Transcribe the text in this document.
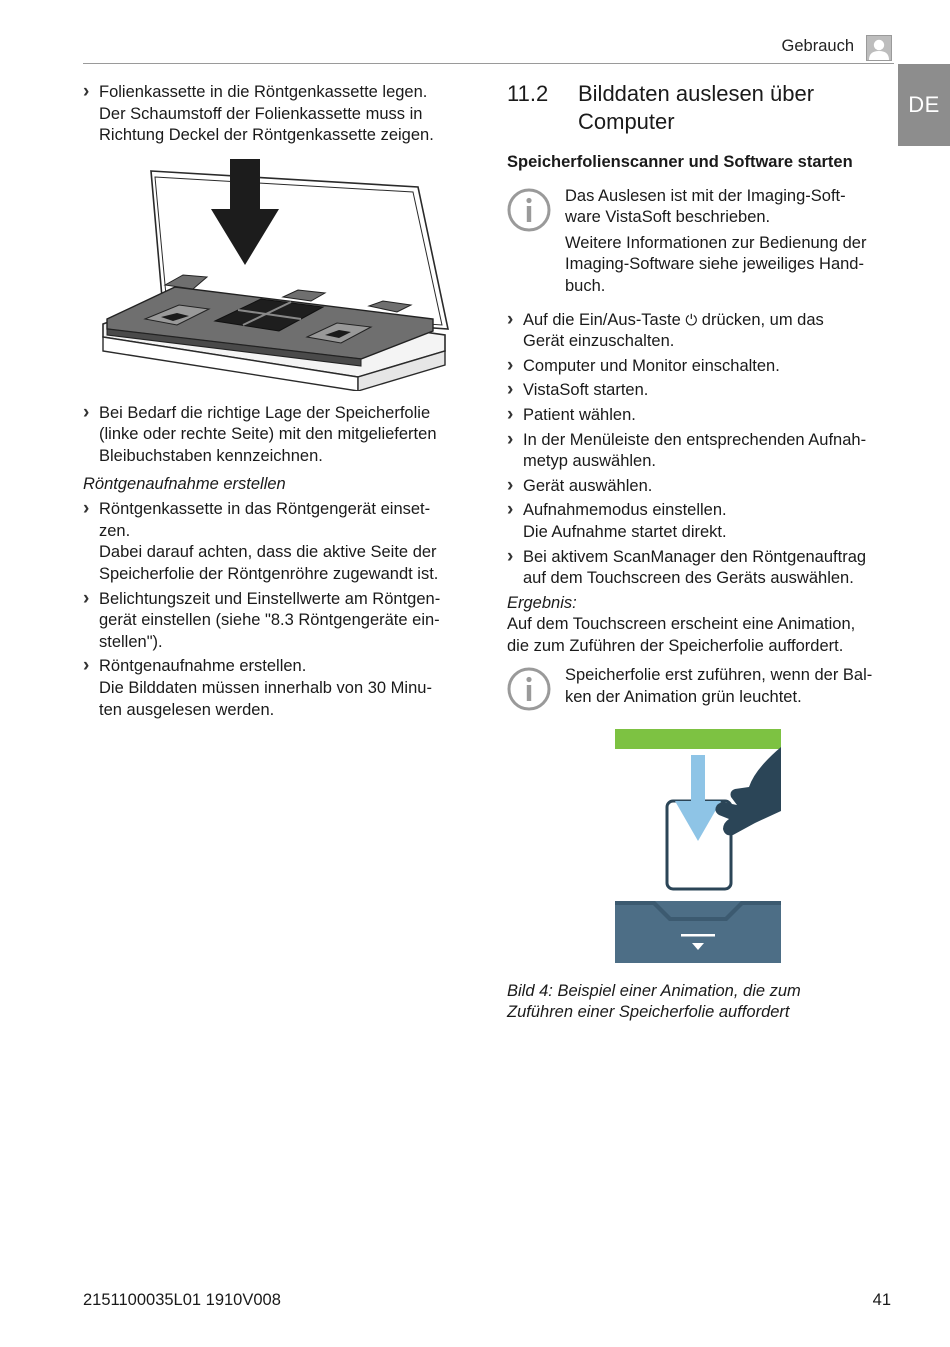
Gebrauch
DE
› Folienkassette in die Röntgenkassette legen.
Der Schaumstoff der Folienkassette muss in
Richtung Deckel der Röntgenkassette zeigen.
› Bei Bedarf die richtige Lage der Speicherfolie
(linke oder rechte Seite) mit den mitgelieferten
Bleibuchstaben kennzeichnen.
Röntgenaufnahme erstellen
› Röntgenkassette in das Röntgengerät einset-
zen.
Dabei darauf achten, dass die aktive Seite der
Speicherfolie der Röntgenröhre zugewandt ist.
› Belichtungszeit und Einstellwerte am Röntgen-
gerät einstellen (siehe "8.3 Röntgengeräte ein-
stellen").
› Röntgenaufnahme erstellen.
Die Bilddaten müssen innerhalb von 30 Minu-
ten ausgelesen werden.
11.2	Bilddaten auslesen über
Computer
Speicherfolienscanner und Software starten

Das Auslesen ist mit der Imaging-Soft-
ware VistaSoft beschrieben.

Weitere Informationen zur Bedienung der
Imaging-Software siehe jeweiliges Hand-
buch.

› Auf die Ein/Aus-Taste ⏻ drücken, um das
Gerät einzuschalten.
› Computer und Monitor einschalten.
› VistaSoft starten.
› Patient wählen.
› In der Menüleiste den entsprechenden Aufnah-
metyp auswählen.
› Gerät auswählen.
› Aufnahmemodus einstellen.
Die Aufnahme startet direkt.
› Bei aktivem ScanManager den Röntgenauftrag
auf dem Touchscreen des Geräts auswählen.
Ergebnis:
Auf dem Touchscreen erscheint eine Animation,
die zum Zuführen der Speicherfolie auffordert.

Speicherfolie erst zuführen, wenn der Bal-
ken der Animation grün leuchtet.

Bild 4: Beispiel einer Animation, die zum
Zuführen einer Speicherfolie auffordert
2151100035L01 1910V008	41
